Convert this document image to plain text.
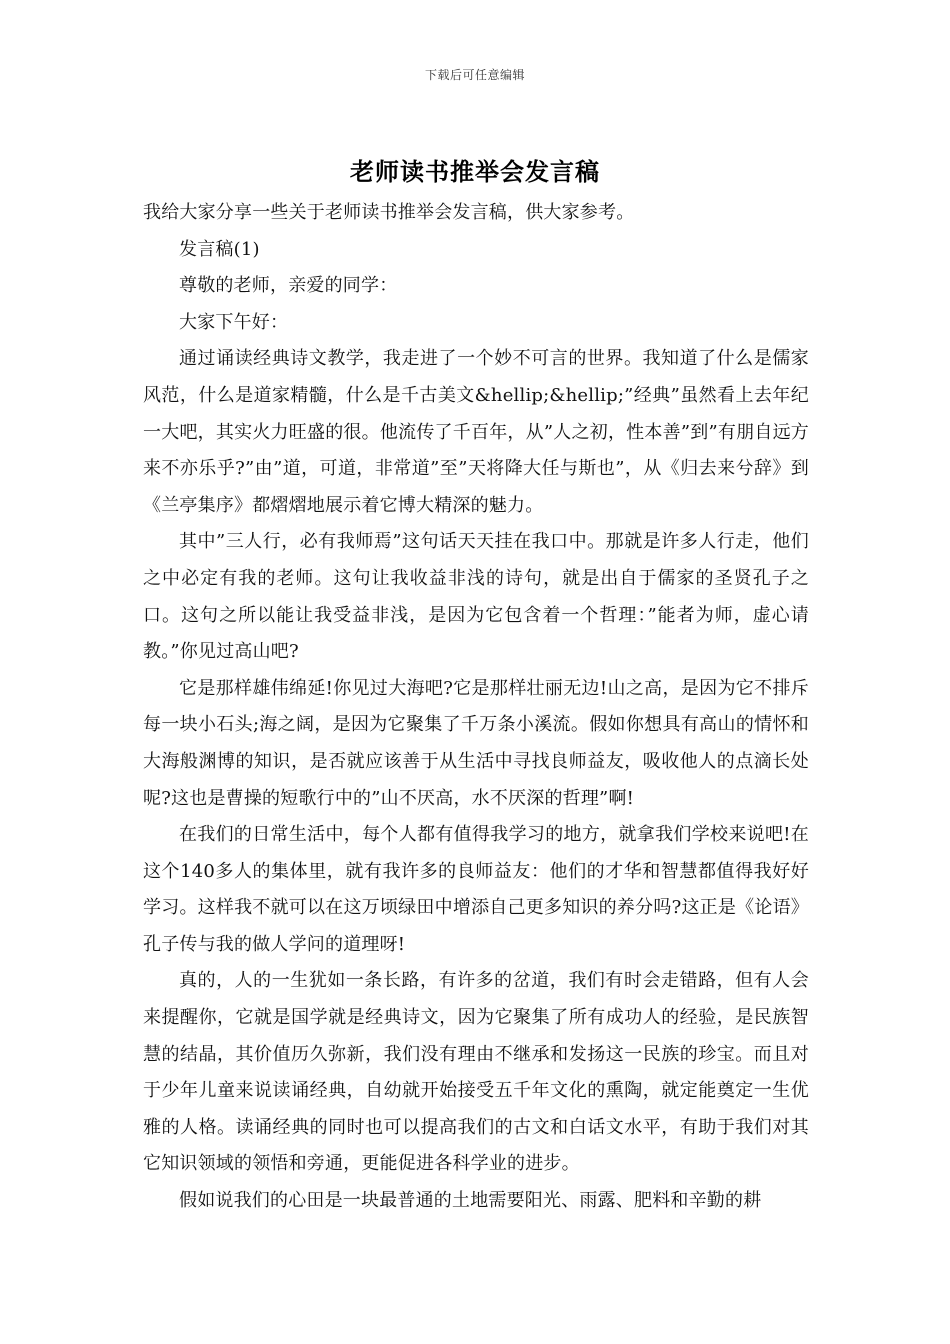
下载后可任意编辑
老师读书推举会发言稿

我给大家分享一些关于老师读书推举会发言稿，供大家参考。

发言稿(1)

尊敬的老师，亲爱的同学：

大家下午好：

通过诵读经典诗文教学，我走进了一个妙不可言的世界。我知道了什么是儒家风范，什么是道家精髓，什么是千古美文&hellip;&hellip;”经典”虽然看上去年纪一大吧，其实火力旺盛的很。他流传了千百年，从”人之初，性本善”到”有朋自远方来不亦乐乎?”由”道，可道，非常道”至”天将降大任与斯也”，从《归去来兮辞》到《兰亭集序》都熠熠地展示着它博大精深的魅力。

其中”三人行，必有我师焉”这句话天天挂在我口中。那就是许多人行走，他们之中必定有我的老师。这句让我收益非浅的诗句，就是出自于儒家的圣贤孔子之口。这句之所以能让我受益非浅，是因为它包含着一个哲理：”能者为师，虚心请教。”你见过高山吧?

它是那样雄伟绵延!你见过大海吧?它是那样壮丽无边!山之高，是因为它不排斥每一块小石头;海之阔，是因为它聚集了千万条小溪流。假如你想具有高山的情怀和大海般渊博的知识，是否就应该善于从生活中寻找良师益友，吸收他人的点滴长处呢?这也是曹操的短歌行中的”山不厌高，水不厌深的哲理”啊!

在我们的日常生活中，每个人都有值得我学习的地方，就拿我们学校来说吧!在这个140多人的集体里，就有我许多的良师益友：他们的才华和智慧都值得我好好学习。这样我不就可以在这万顷绿田中增添自己更多知识的养分吗?这正是《论语》孔子传与我的做人学问的道理呀!

真的，人的一生犹如一条长路，有许多的岔道，我们有时会走错路，但有人会来提醒你，它就是国学就是经典诗文，因为它聚集了所有成功人的经验，是民族智慧的结晶，其价值历久弥新，我们没有理由不继承和发扬这一民族的珍宝。而且对于少年儿童来说读诵经典，自幼就开始接受五千年文化的熏陶，就定能奠定一生优雅的人格。读诵经典的同时也可以提高我们的古文和白话文水平，有助于我们对其它知识领域的领悟和旁通，更能促进各科学业的进步。

假如说我们的心田是一块最普通的土地需要阳光、雨露、肥料和辛勤的耕
